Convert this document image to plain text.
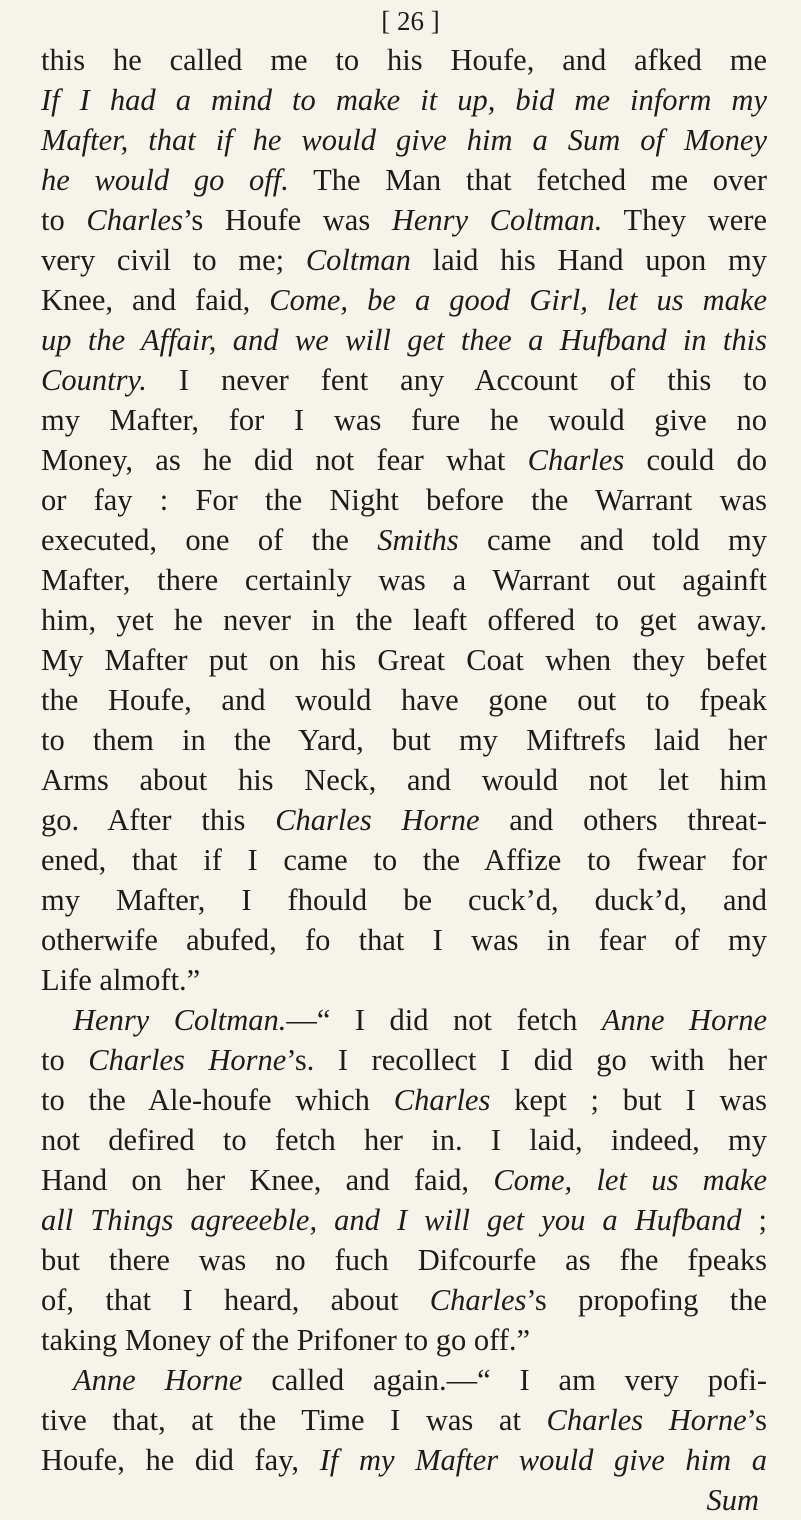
[ 26 ]
this he called me to his Houfe, and afked me
If I had a mind to make it up, bid me inform my
Mafter, that if he would give him a Sum of Money
he would go off. The Man that fetched me over
to Charles’s Houfe was Henry Coltman. They were
very civil to me; Coltman laid his Hand upon my
Knee, and faid, Come, be a good Girl, let us make
up the Affair, and we will get thee a Hufband in this
Country. I never fent any Account of this to
my Mafter, for I was fure he would give no
Money, as he did not fear what Charles could do
or fay : For the Night before the Warrant was
executed, one of the Smiths came and told my
Mafter, there certainly was a Warrant out againft
him, yet he never in the leaft offered to get away.
My Mafter put on his Great Coat when they befet
the Houfe, and would have gone out to fpeak
to them in the Yard, but my Miftrefs laid her
Arms about his Neck, and would not let him
go. After this Charles Horne and others threat-
ened, that if I came to the Affize to fwear for
my Mafter, I fhould be cuck’d, duck’d, and
otherwife abufed, fo that I was in fear of my
Life almoft.”
Henry Coltman.—“ I did not fetch Anne Horne
to Charles Horne’s. I recollect I did go with her
to the Ale-houfe which Charles kept ; but I was
not defired to fetch her in. I laid, indeed, my
Hand on her Knee, and faid, Come, let us make
all Things agreeeble, and I will get you a Hufband ;
but there was no fuch Difcourfe as fhe fpeaks
of, that I heard, about Charles’s propofing the
taking Money of the Prifoner to go off.”
Anne Horne called again.—“ I am very pofi-
tive that, at the Time I was at Charles Horne’s
Houfe, he did fay, If my Mafter would give him a
Sum
